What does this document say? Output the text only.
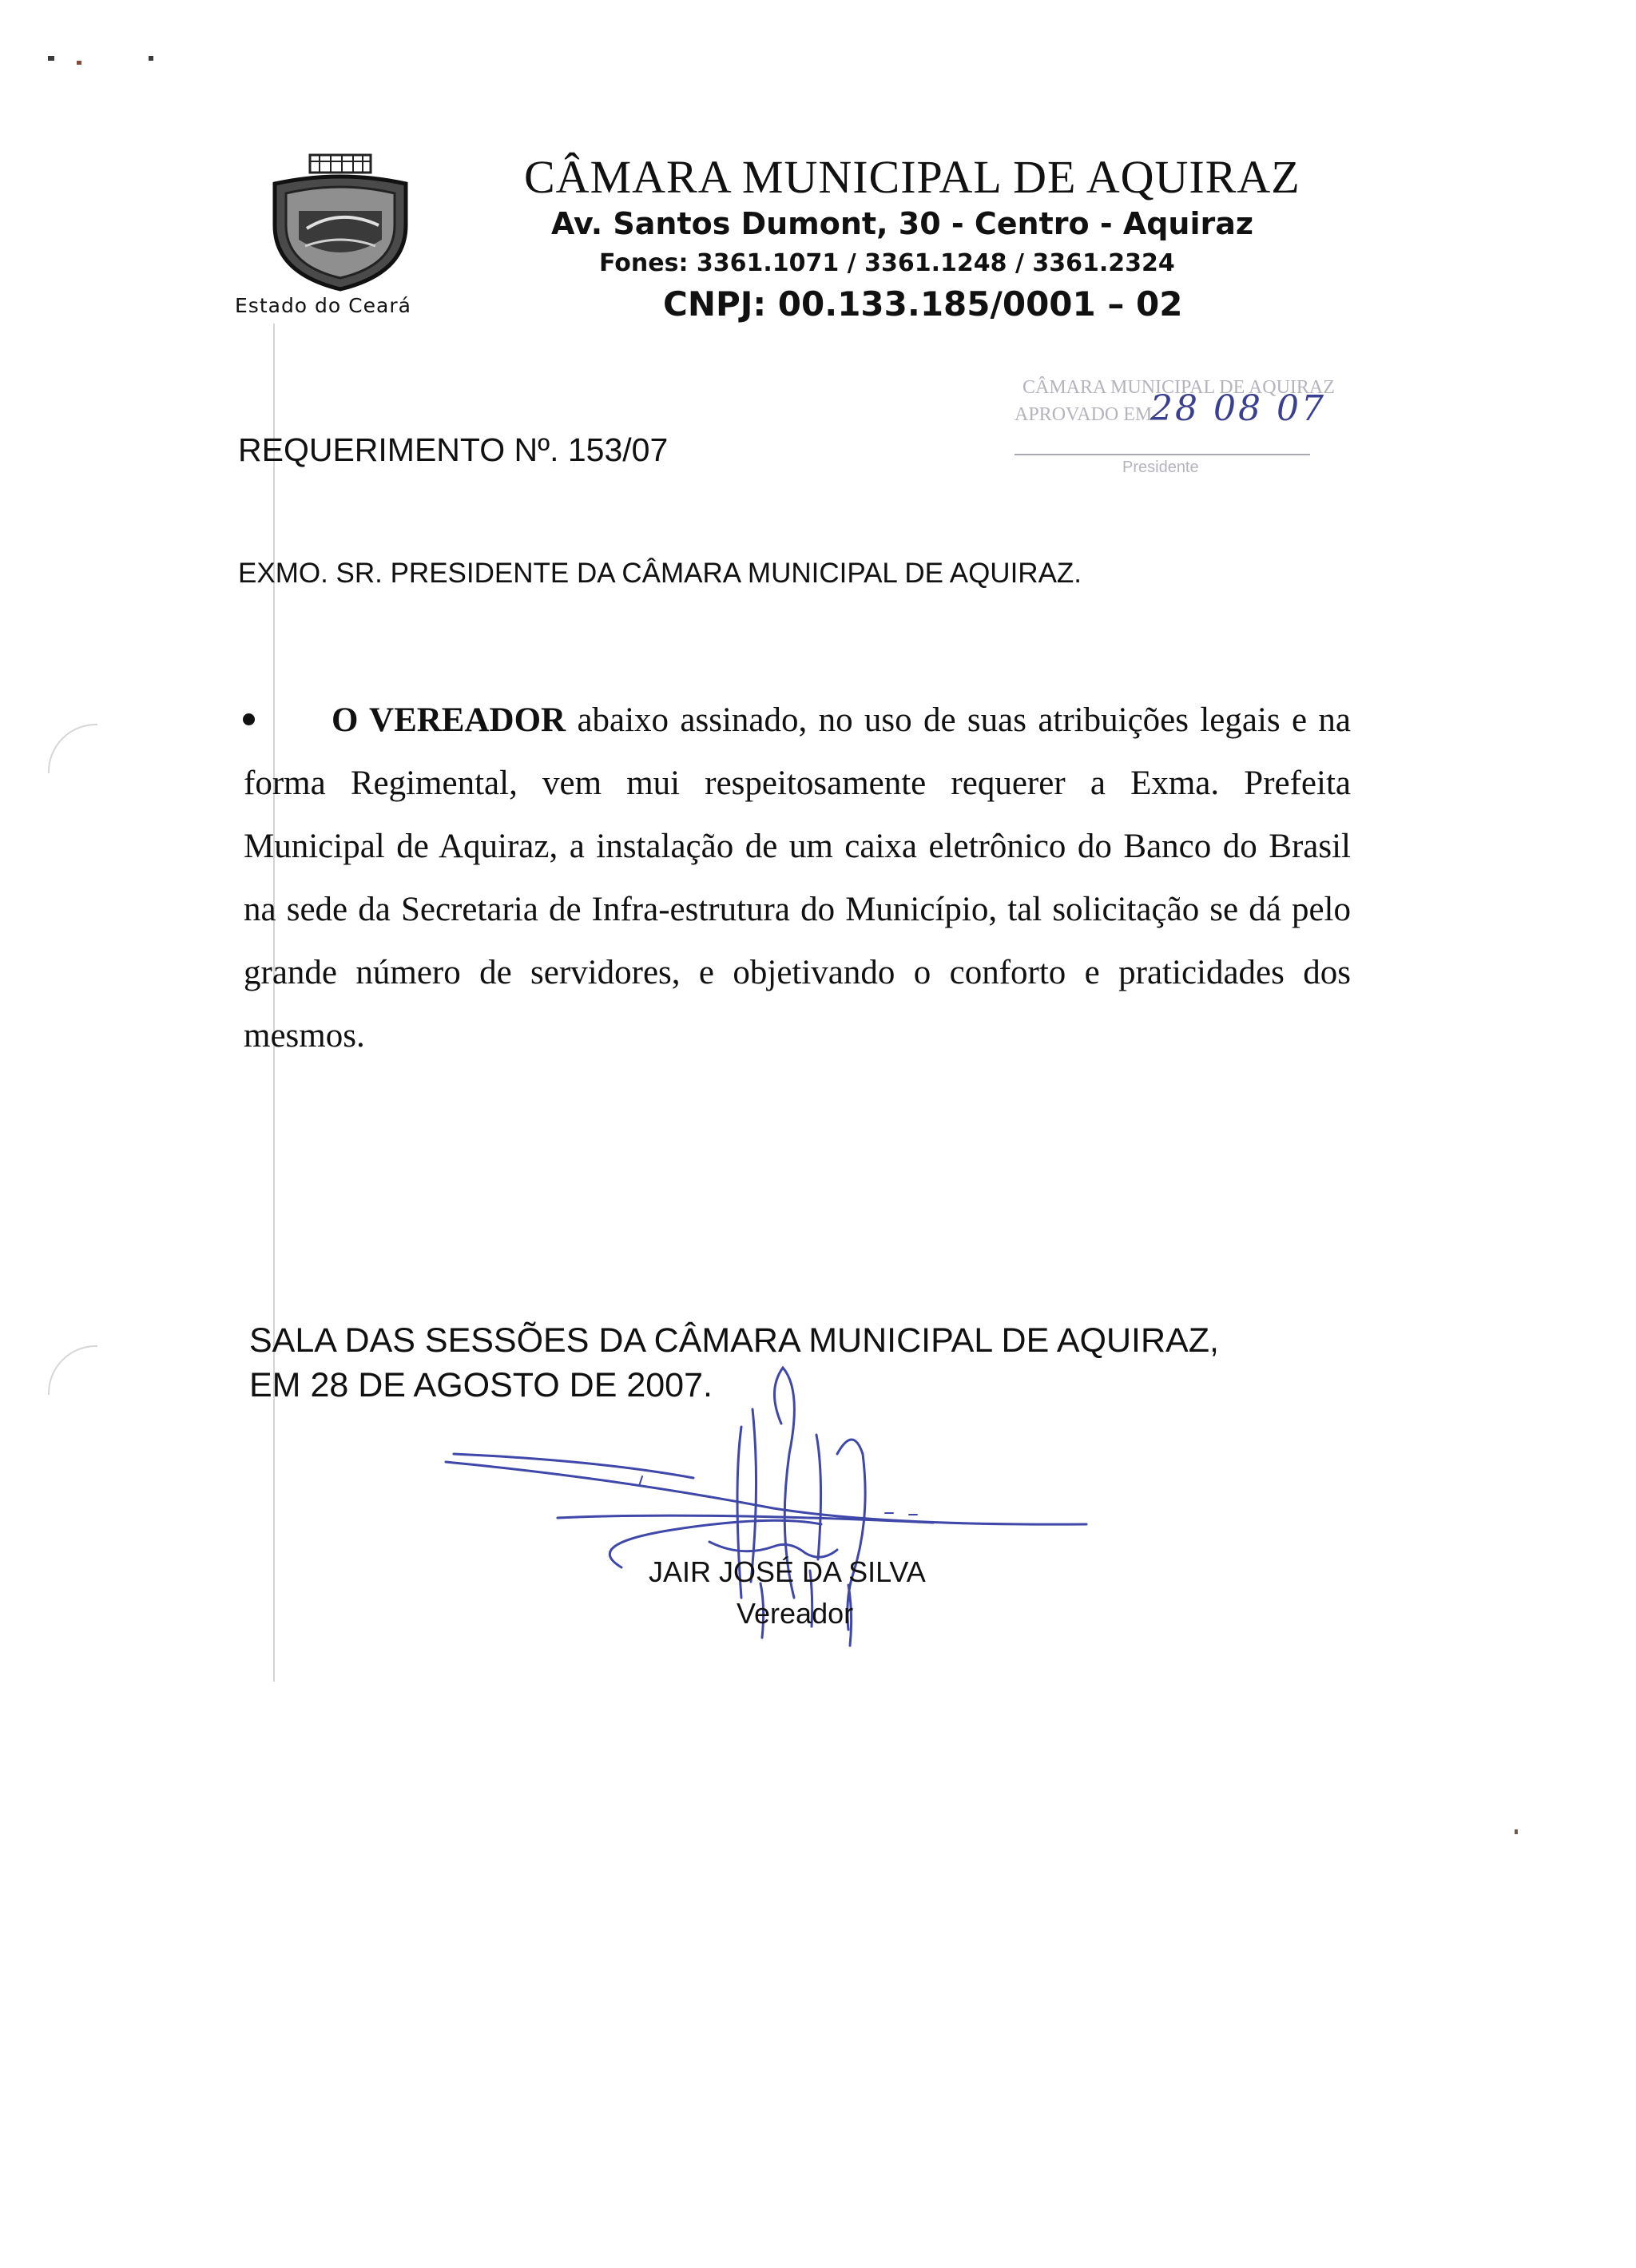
Estado do Ceará
CÂMARA MUNICIPAL DE AQUIRAZ
Av. Santos Dumont, 30 - Centro - Aquiraz
Fones: 3361.1071 / 3361.1248 / 3361.2324
CNPJ: 00.133.185/0001 – 02
CÂMARA MUNICIPAL DE AQUIRAZ
APROVADO EM
28 08 07
Presidente
REQUERIMENTO Nº. 153/07
EXMO. SR. PRESIDENTE DA CÂMARA MUNICIPAL DE AQUIRAZ.
O VEREADOR abaixo assinado, no uso de suas atribuições legais e na forma Regimental, vem mui respeitosamente requerer a Exma. Prefeita Municipal de Aquiraz, a instalação de um caixa eletrônico do Banco do Brasil na sede da Secretaria de Infra-estrutura do Município, tal solicitação se dá pelo grande número de servidores, e objetivando o conforto e praticidades dos mesmos.
SALA DAS SESSÕES DA CÂMARA MUNICIPAL DE AQUIRAZ,
EM 28 DE AGOSTO DE 2007.
JAIR JOSÉ DA SILVA
Vereador
